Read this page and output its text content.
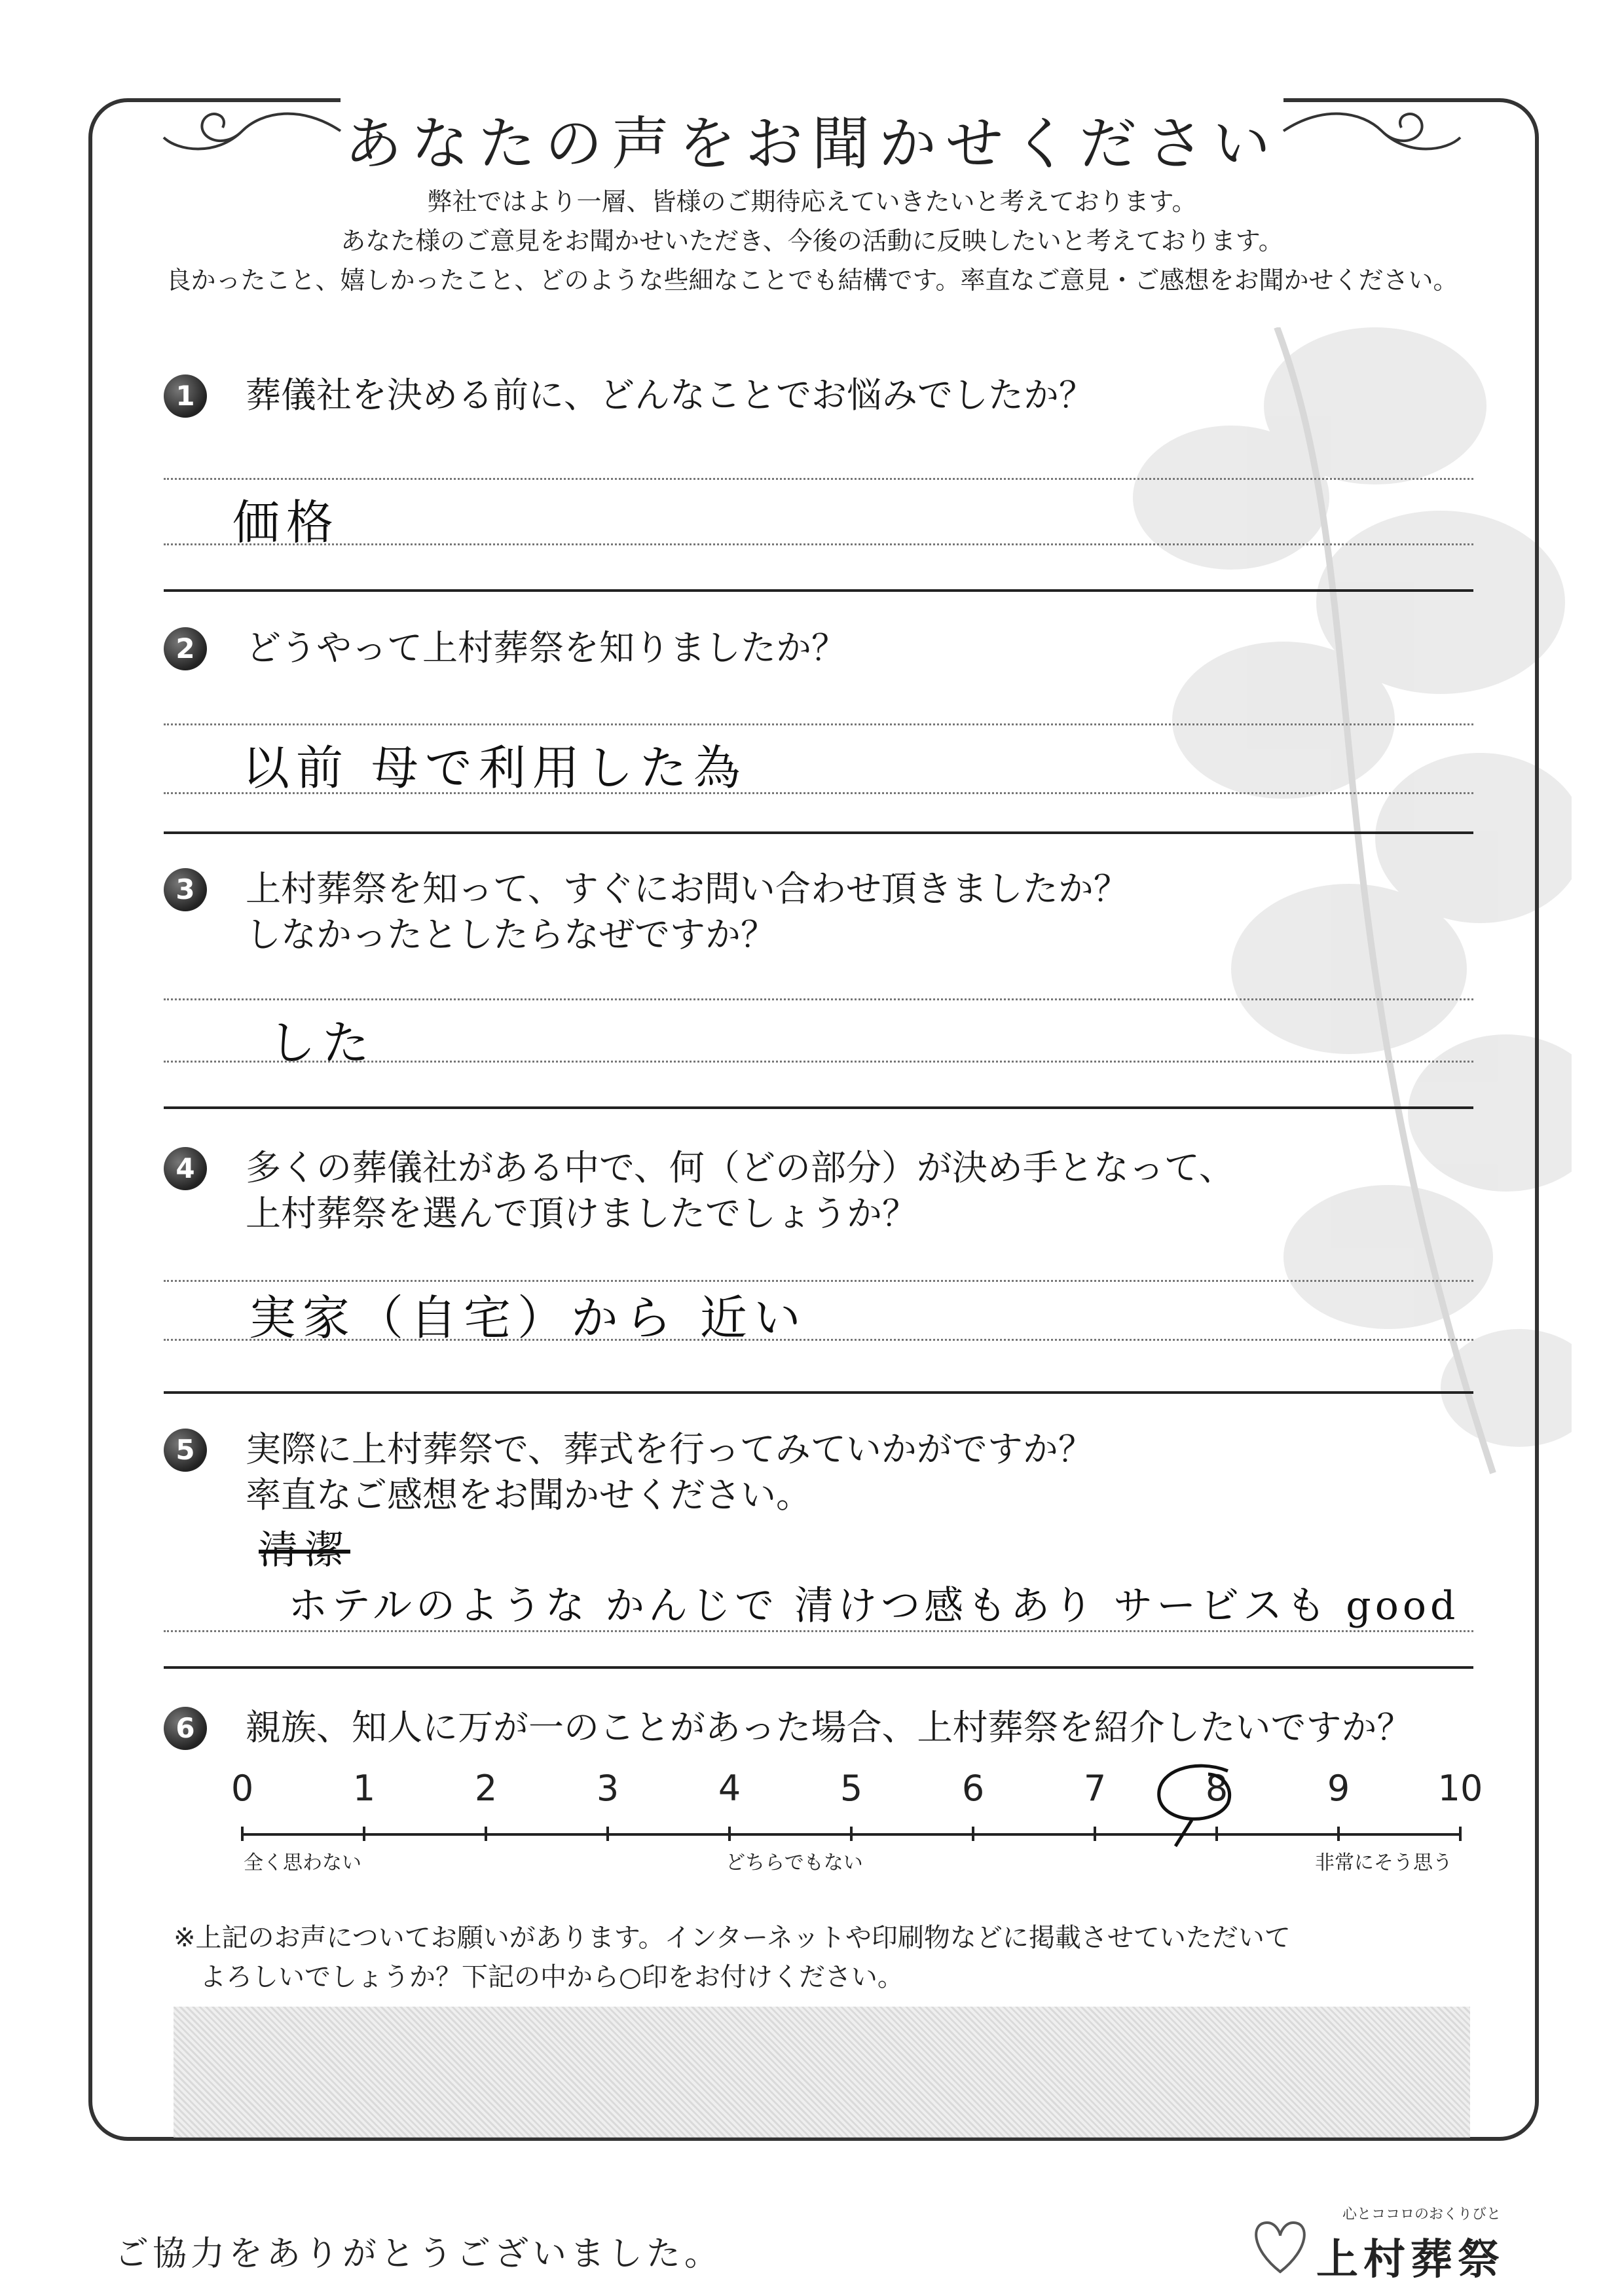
あなたの声をお聞かせください
弊社ではより一層、皆様のご期待応えていきたいと考えております。
あなた様のご意見をお聞かせいただき、今後の活動に反映したいと考えております。
良かったこと、嬉しかったこと、どのような些細なことでも結構です。率直なご意見・ご感想をお聞かせください。
1	葬儀社を決める前に、どんなことでお悩みでしたか？
価格
2	どうやって上村葬祭を知りましたか？
以前 母で利用した為
3	上村葬祭を知って、すぐにお問い合わせ頂きましたか？
しなかったとしたらなぜですか？
した
4	多くの葬儀社がある中で、何（どの部分）が決め手となって、
上村葬祭を選んで頂けましたでしょうか？
実家（自宅）から 近い
5	実際に上村葬祭で、葬式を行ってみていかがですか？
率直なご感想をお聞かせください。
清潔
ホテルのような かんじで 清けつ感もあり サービスも good
6	親族、知人に万が一のことがあった場合、上村葬祭を紹介したいですか？
0	1	2	3	4	5	6	7	8	9	10
全く思わない	どちらでもない	非常にそう思う
※上記のお声についてお願いがあります。インターネットや印刷物などに掲載させていただいて
よろしいでしょうか？下記の中から○印をお付けください。
ご協力をありがとうございました。
心とココロのおくりびと
上村葬祭
